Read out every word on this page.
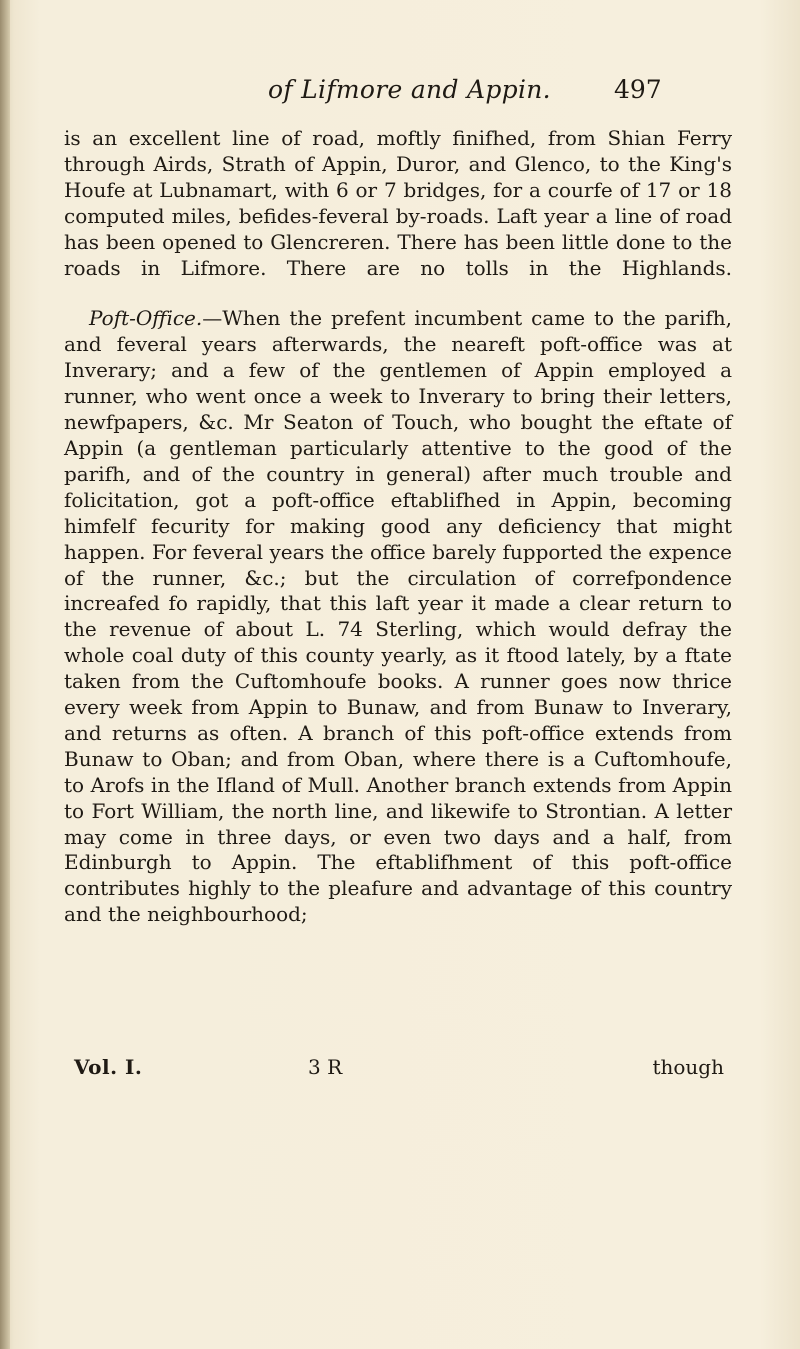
of Lifmore and Appin.	497

is an excellent line of road, moftly finifhed, from Shian Ferry through Airds, Strath of Appin, Duror, and Glenco, to the King's Houfe at Lubnamart, with 6 or 7 bridges, for a courfe of 17 or 18 computed miles, befides-feveral by-roads. Laft year a line of road has been opened to Glencreren. There has been little done to the roads in Lifmore. There are no tolls in the Highlands.

Poft-Office.—When the prefent incumbent came to the parifh, and feveral years afterwards, the neareft poft-office was at Inverary; and a few of the gentlemen of Appin employed a runner, who went once a week to Inverary to bring their letters, newfpapers, &c. Mr Seaton of Touch, who bought the eftate of Appin (a gentleman particularly attentive to the good of the parifh, and of the country in general) after much trouble and folicitation, got a poft-office eftablifhed in Appin, becoming himfelf fecurity for making good any deficiency that might happen. For feveral years the office barely fupported the expence of the runner, &c.; but the circulation of correfpondence increafed fo rapidly, that this laft year it made a clear return to the revenue of about L. 74 Sterling, which would defray the whole coal duty of this county yearly, as it ftood lately, by a ftate taken from the Cuftomhoufe books. A runner goes now thrice every week from Appin to Bunaw, and from Bunaw to Inverary, and returns as often. A branch of this poft-office extends from Bunaw to Oban; and from Oban, where there is a Cuftomhoufe, to Arofs in the Ifland of Mull. Another branch extends from Appin to Fort William, the north line, and likewife to Strontian. A letter may come in three days, or even two days and a half, from Edinburgh to Appin. The eftablifhment of this poft-office contributes highly to the pleafure and advantage of this country and the neighbourhood;

Vol. I.	3 R	though
